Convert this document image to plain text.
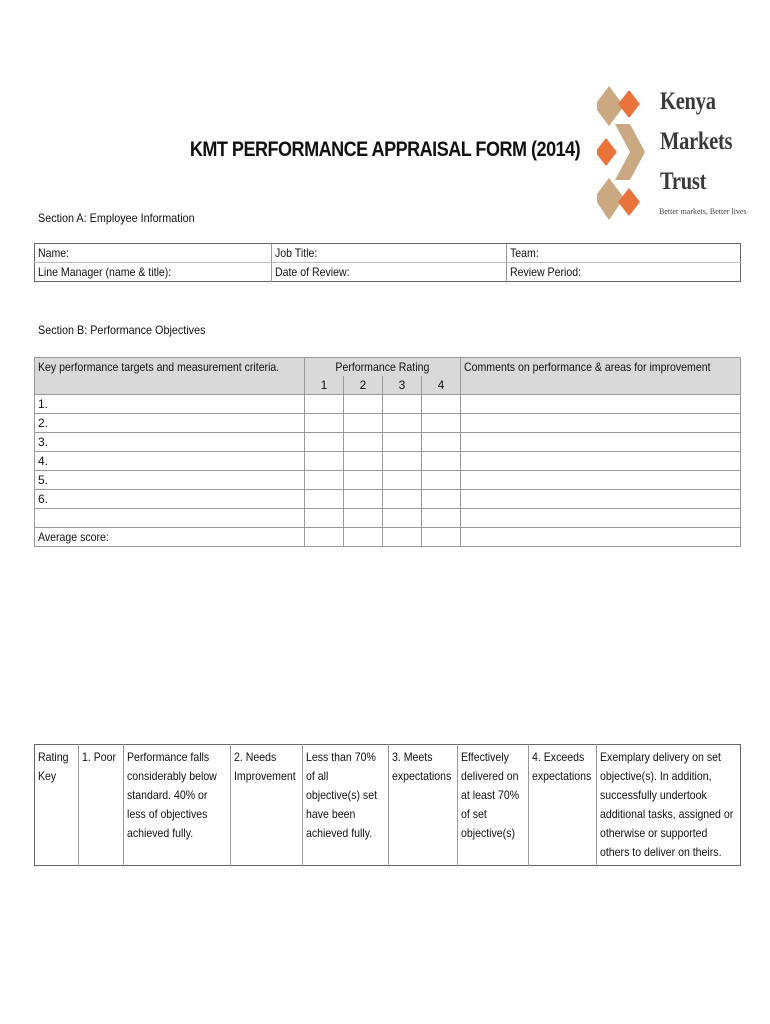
Kenya
Markets
Trust
Better markets, Better lives
KMT PERFORMANCE APPRAISAL FORM (2014)
Section A: Employee Information
Name:	Job Title:	Team:
Line Manager (name & title):	Date of Review:	Review Period:
Section B: Performance Objectives
Key performance targets and measurement criteria.	Performance Rating				Comments on performance & areas for improvement
	1	2	3	4	
1.					
2.					
3.					
4.					
5.					
6.					

Average score:					
Rating Key	1. Poor	Performance falls considerably below standard. 40% or less of objectives achieved fully.	2. Needs Improvement	Less than 70% of all objective(s) set have been achieved fully.	3. Meets expectations	Effectively delivered on at least 70% of set objective(s)	4. Exceeds expectations	Exemplary delivery on set objective(s). In addition, successfully undertook additional tasks, assigned or otherwise or supported others to deliver on theirs.
